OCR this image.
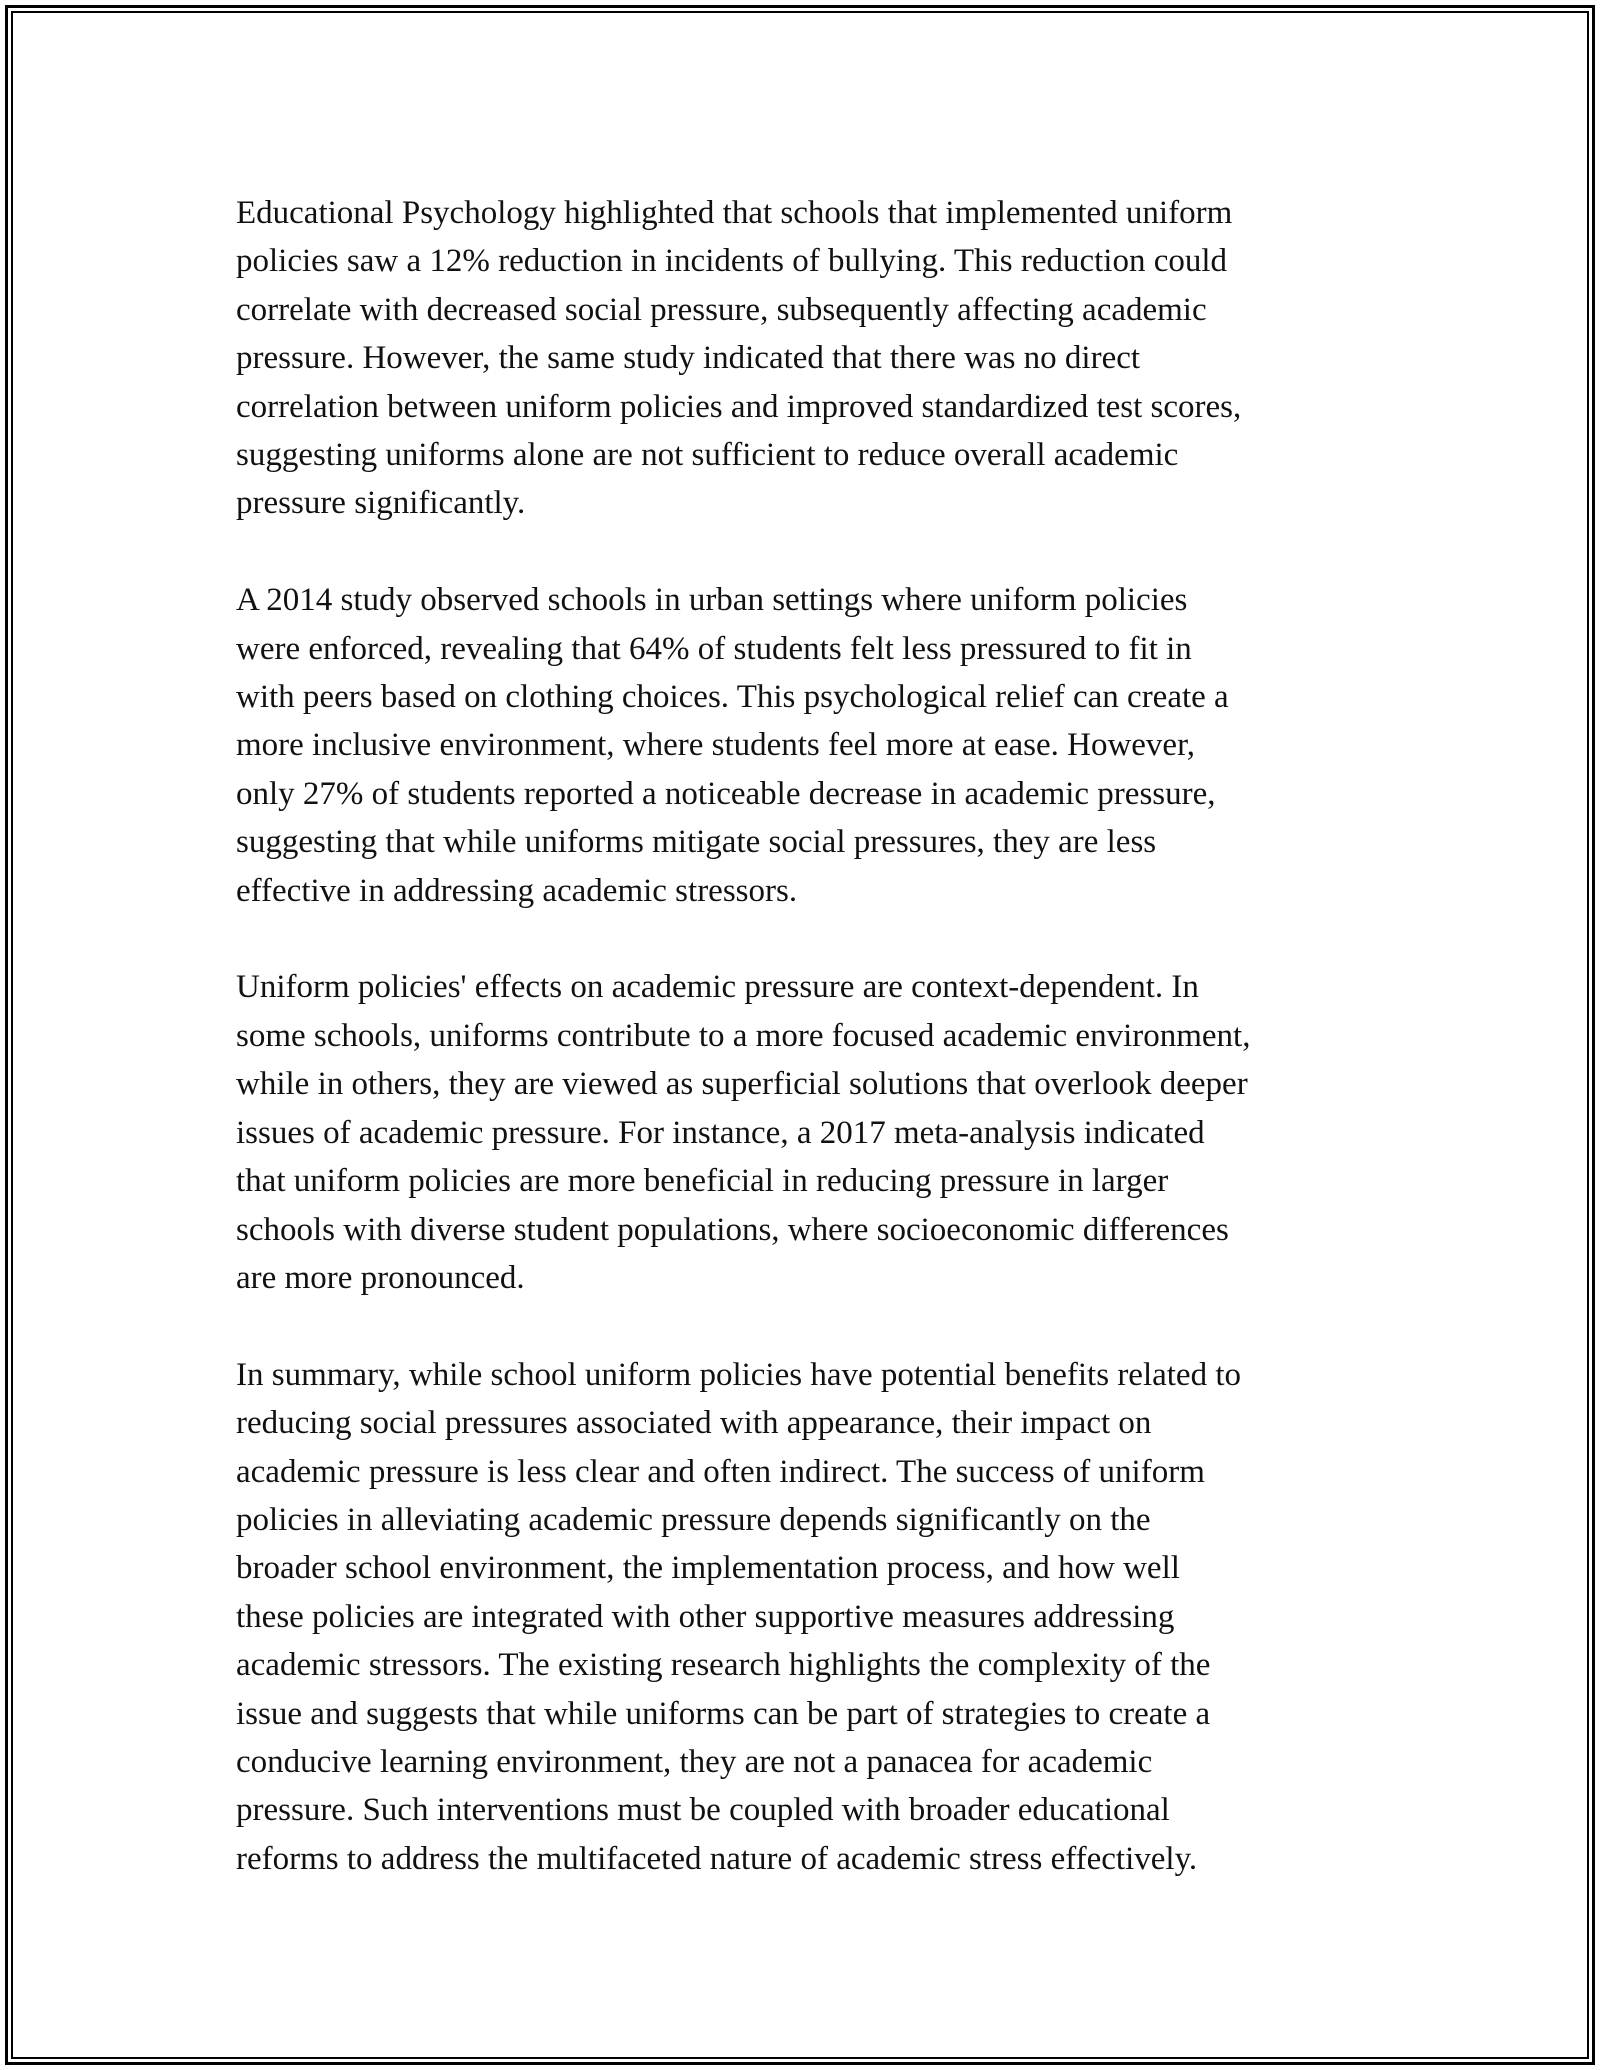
Educational Psychology highlighted that schools that implemented uniform
policies saw a 12% reduction in incidents of bullying. This reduction could
correlate with decreased social pressure, subsequently affecting academic
pressure. However, the same study indicated that there was no direct
correlation between uniform policies and improved standardized test scores,
suggesting uniforms alone are not sufficient to reduce overall academic
pressure significantly.

A 2014 study observed schools in urban settings where uniform policies
were enforced, revealing that 64% of students felt less pressured to fit in
with peers based on clothing choices. This psychological relief can create a
more inclusive environment, where students feel more at ease. However,
only 27% of students reported a noticeable decrease in academic pressure,
suggesting that while uniforms mitigate social pressures, they are less
effective in addressing academic stressors.

Uniform policies' effects on academic pressure are context-dependent. In
some schools, uniforms contribute to a more focused academic environment,
while in others, they are viewed as superficial solutions that overlook deeper
issues of academic pressure. For instance, a 2017 meta-analysis indicated
that uniform policies are more beneficial in reducing pressure in larger
schools with diverse student populations, where socioeconomic differences
are more pronounced.

In summary, while school uniform policies have potential benefits related to
reducing social pressures associated with appearance, their impact on
academic pressure is less clear and often indirect. The success of uniform
policies in alleviating academic pressure depends significantly on the
broader school environment, the implementation process, and how well
these policies are integrated with other supportive measures addressing
academic stressors. The existing research highlights the complexity of the
issue and suggests that while uniforms can be part of strategies to create a
conducive learning environment, they are not a panacea for academic
pressure. Such interventions must be coupled with broader educational
reforms to address the multifaceted nature of academic stress effectively.
